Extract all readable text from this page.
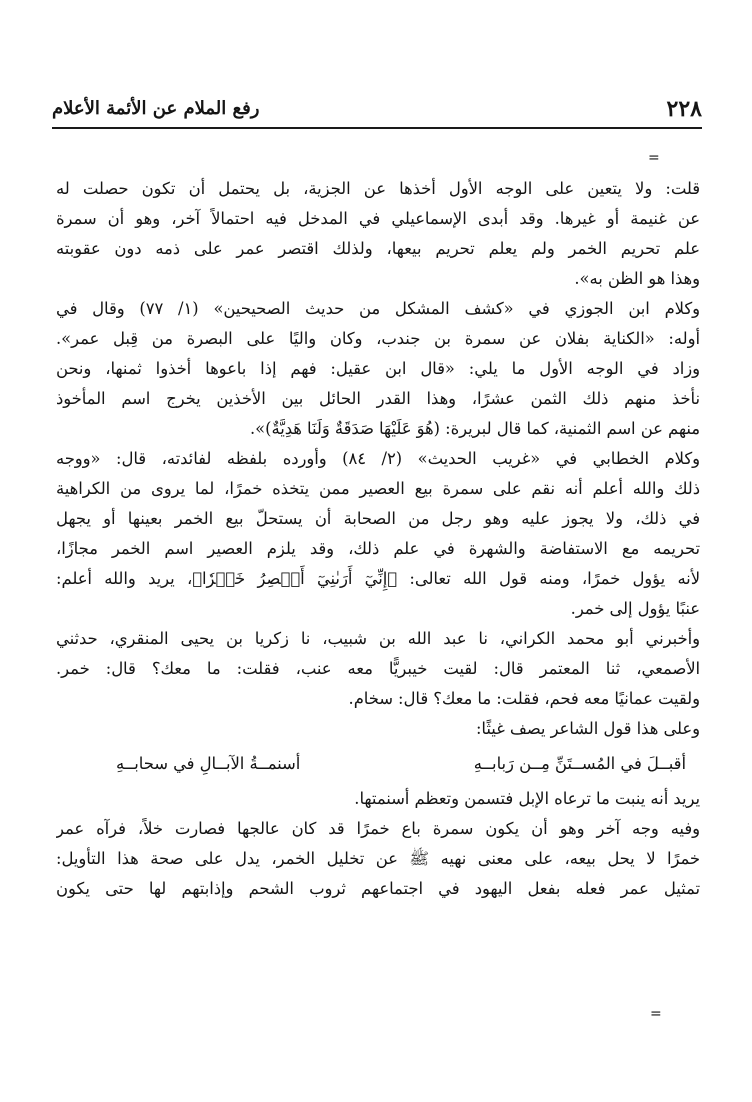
٢٢٨
رفع الملام عن الأئمة الأعلام
=
قلت: ولا يتعين على الوجه الأول أخذها عن الجزية، بل يحتمل أن تكون حصلت له
عن غنيمة أو غيرها. وقد أبدى الإسماعيلي في المدخل فيه احتمالاً آخر، وهو أن سمرة
علم تحريم الخمر ولم يعلم تحريم بيعها، ولذلك اقتصر عمر على ذمه دون عقوبته
وهذا هو الظن به».
وكلام ابن الجوزي في «كشف المشكل من حديث الصحيحين» (١/ ٧٧) وقال في
أوله: «الكناية بفلان عن سمرة بن جندب، وكان واليًا على البصرة من قِبل عمر».
وزاد في الوجه الأول ما يلي: «قال ابن عقيل: فهم إذا باعوها أخذوا ثمنها، ونحن
نأخذ منهم ذلك الثمن عشرًا، وهذا القدر الحائل بين الأخذين يخرج اسم المأخوذ
منهم عن اسم الثمنية، كما قال لبريرة: (هُوَ عَلَيْهَا صَدَقَةٌ وَلَنَا هَدِيَّةٌ)».
وكلام الخطابي في «غريب الحديث» (٢/ ٨٤) وأورده بلفظه لفائدته، قال: «ووجه
ذلك والله أعلم أنه نقم على سمرة بيع العصير ممن يتخذه خمرًا، لما يروى من الكراهية
في ذلك، ولا يجوز عليه وهو رجل من الصحابة أن يستحلّ بيع الخمر بعينها أو يجهل
تحريمه مع الاستفاضة والشهرة في علم ذلك، وقد يلزم العصير اسم الخمر مجازًا،
لأنه يؤول خمرًا، ومنه قول الله تعالى: ﴿إِنِّيٓ أَرَىٰنِيٓ أَعۡصِرُ خَمۡرٗا﴾، يريد والله أعلم:
عنبًا يؤول إلى خمر.
وأخبرني أبو محمد الكراني، نا عبد الله بن شبيب، نا زكريا بن يحيى المنقري، حدثني
الأصمعي، ثنا المعتمر قال: لقيت خيبريًّا معه عنب، فقلت: ما معك؟ قال: خمر.
ولقيت عمانيًا معه فحم، فقلت: ما معك؟ قال: سخام.
وعلى هذا قول الشاعر يصف غيثًا:
أقبــلَ في المُســتَنِّ مِــن رَبابــهِ
أسنمــةُ الآبــالِ في سحابــهِ
يريد أنه ينبت ما ترعاه الإبل فتسمن وتعظم أسنمتها.
وفيه وجه آخر وهو أن يكون سمرة باع خمرًا قد كان عالجها فصارت خلاً، فرآه عمر
خمرًا لا يحل بيعه، على معنى نهيه ﷺ عن تخليل الخمر، يدل على صحة هذا التأويل:
تمثيل عمر فعله بفعل اليهود في اجتماعهم ثروب الشحم وإذابتهم لها حتى يكون
=
